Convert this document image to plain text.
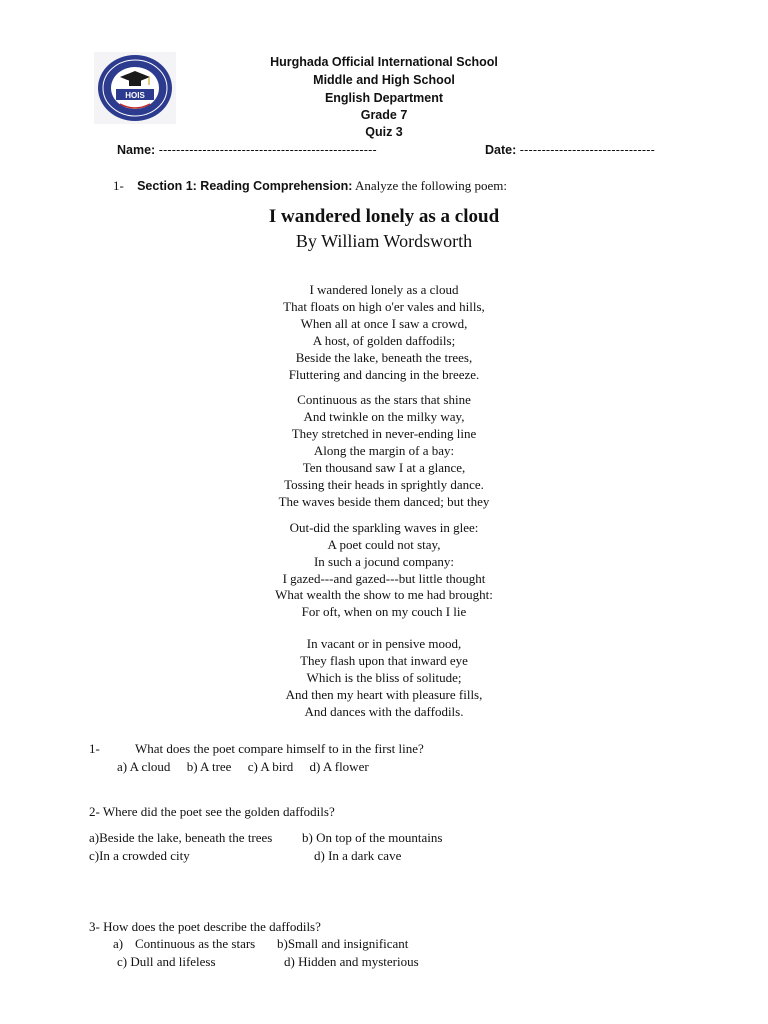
HOIS
Hurghada Official International School
Middle and High School
English Department
Grade 7
Quiz 3
Name: --------------------------------------------------	Date: -------------------------------
1- Section 1: Reading Comprehension: Analyze the following poem:
I wandered lonely as a cloud
By William Wordsworth
I wandered lonely as a cloud
That floats on high o'er vales and hills,
When all at once I saw a crowd,
A host, of golden daffodils;
Beside the lake, beneath the trees,
Fluttering and dancing in the breeze.
Continuous as the stars that shine
And twinkle on the milky way,
They stretched in never-ending line
Along the margin of a bay:
Ten thousand saw I at a glance,
Tossing their heads in sprightly dance.
The waves beside them danced; but they
Out-did the sparkling waves in glee:
A poet could not stay,
In such a jocund company:
I gazed---and gazed---but little thought
What wealth the show to me had brought:
For oft, when on my couch I lie
In vacant or in pensive mood,
They flash upon that inward eye
Which is the bliss of solitude;
And then my heart with pleasure fills,
And dances with the daffodils.
1-	What does the poet compare himself to in the first line?
a) A cloud b) A tree c) A bird d) A flower
2- Where did the poet see the golden daffodils?
a)Beside the lake, beneath the trees b) On top of the mountains
c)In a crowded city	d) In a dark cave
3- How does the poet describe the daffodils?
a) Continuous as the stars b)Small and insignificant
c) Dull and lifeless	d) Hidden and mysterious
